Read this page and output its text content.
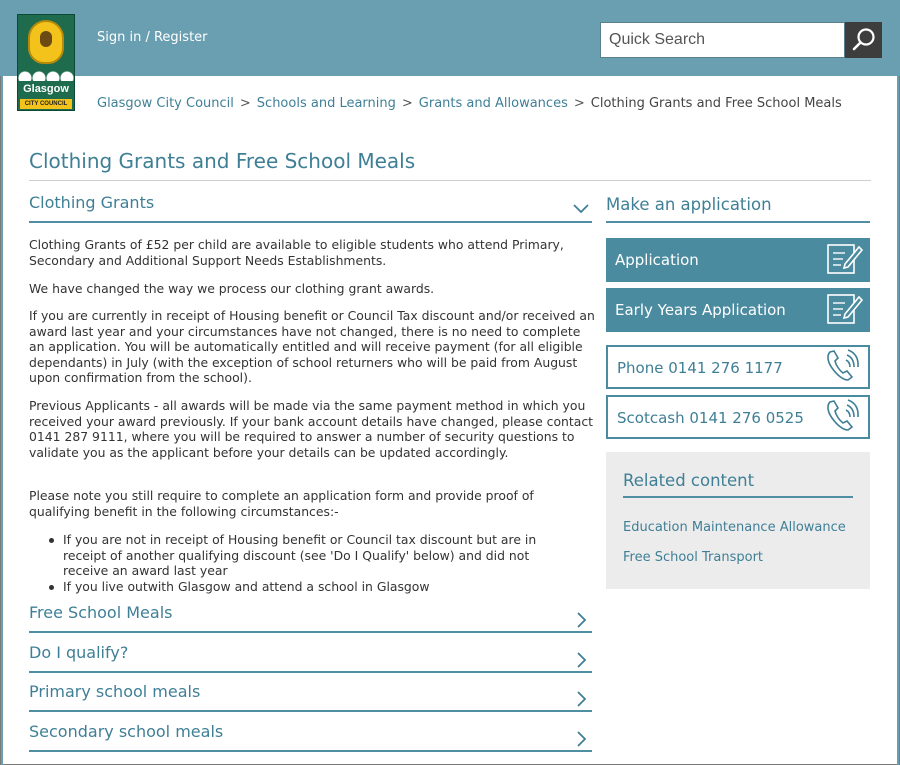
Glasgow
CITY COUNCIL
Sign in / Register
Quick Search
Glasgow City Council > Schools and Learning > Grants and Allowances > Clothing Grants and Free School Meals
Clothing Grants and Free School Meals
Clothing Grants

Clothing Grants of £52 per child are available to eligible students who attend Primary, Secondary and Additional Support Needs Establishments.

We have changed the way we process our clothing grant awards.

If you are currently in receipt of Housing benefit or Council Tax discount and/or received an award last year and your circumstances have not changed, there is no need to complete an application. You will be automatically entitled and will receive payment (for all eligible dependants) in July (with the exception of school returners who will be paid from August upon confirmation from the school).

Previous Applicants - all awards will be made via the same payment method in which you received your award previously. If your bank account details have changed, please contact 0141 287 9111, where you will be required to answer a number of security questions to validate you as the applicant before your details can be updated accordingly.

Please note you still require to complete an application form and provide proof of qualifying benefit in the following circumstances:-

If you are not in receipt of Housing benefit or Council tax discount but are in receipt of another qualifying discount (see 'Do I Qualify' below) and did not receive an award last year
If you live outwith Glasgow and attend a school in Glasgow
Free School Meals
Do I qualify?
Primary school meals
Secondary school meals
Make an application
Application
Early Years Application
Phone 0141 276 1177
Scotcash 0141 276 0525
Related content
Education Maintenance Allowance
Free School Transport
